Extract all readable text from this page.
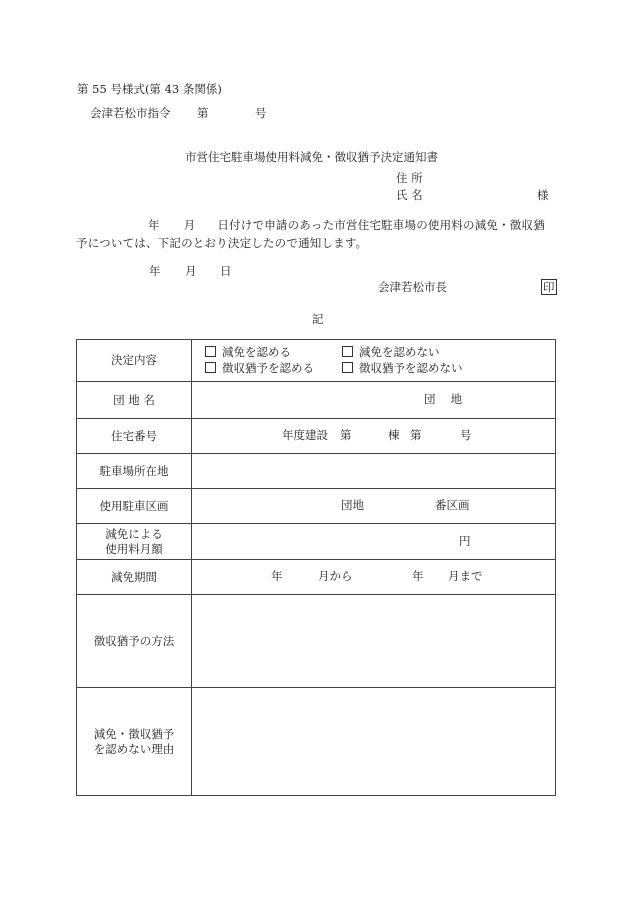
第 55 号様式(第 43 条関係)
会津若松市指令 第	号
市営住宅駐車場使用料減免・徴収猶予決定通知書
住 所
氏 名	様
年 月 日付けで申請のあった市営住宅駐車場の使用料の減免・徴収猶予については、下記のとおり決定したので通知します。
年 月 日
会津若松市長	印
記
決定内容	減免を認める 減免を認めない
徴収猶予を認める 徴収猶予を認めない

団 地 名	団　 地

住宅番号	年度建設 第 棟 第 号

駐車場所在地	
使用駐車区画	団地 番区画

減免による
使用料月額	円

減免期間	年 月から 年 月まで

徴収猶予の方法	

減免・徴収猶予
を認めない理由	
